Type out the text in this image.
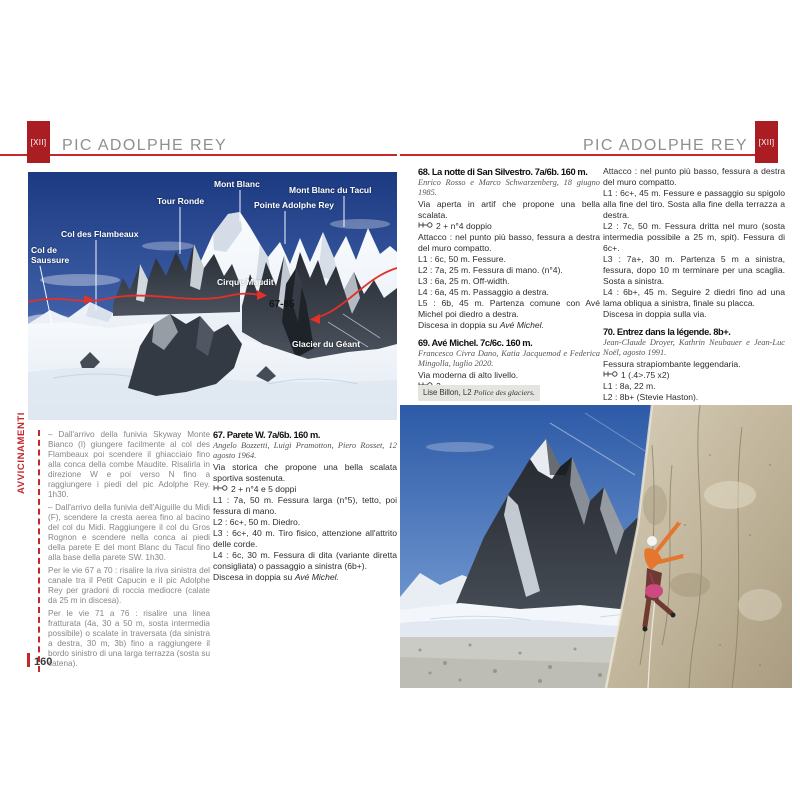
[XII] PIC ADOLPHE REY	PIC ADOLPHE REY	[XII]
Mont Blanc
Mont Blanc du Tacul
Tour Ronde	Pointe Adolphe Rey
Col des Flambeaux
Col de Saussure
Cirque Maudit
67-85
Glacier du Géant
AVVICINAMENTI	– Dall'arrivo della funivia Skyway Monte Bianco (I) giungere facilmente al col des Flambeaux poi scendere il ghiacciaio fino alla conca della combe Maudite. Risalirla in direzione W e poi verso N fino a raggiungere i piedi del pic Adolphe Rey. 1h30.

– Dall'arrivo della funivia dell'Aiguille du Midi (F), scendere la cresta aerea fino al bacino del col du Midi. Raggiungere il col du Gros Rognon e scendere nella conca ai piedi della parete E del mont Blanc du Tacul fino alla base della parete SW. 1h30.

Per le vie 67 a 70 : risalire la riva sinistra del canale tra il Petit Capucin e il pic Adolphe Rey per gradoni di roccia mediocre (calate da 25 m in discesa).

Per le vie 71 a 76 : risalire una linea fratturata (4a, 30 a 50 m, sosta intermedia possibile) o scalate in traversata (da sinistra a destra, 30 m, 3b) fino a raggiungere il bordo sinistro di una larga terrazza (sosta su catena).

160

67. Parete W. 7a/6b. 160 m.

Angelo Bozzetti, Luigi Pramotton, Piero Rosset, 12 agosto 1964.

Via storica che propone una bella scalata sportiva sostenuta.

2 + n°4 e 5 doppi

L1 : 7a, 50 m. Fessura larga (n°5), tetto, poi fessura di mano.

L2 : 6c+, 50 m. Diedro.

L3 : 6c+, 40 m. Tiro fisico, attenzione all'attrito delle corde.

L4 : 6c, 30 m. Fessura di dita (variante diretta consigliata) o passaggio a sinistra (6b+).

Discesa in doppia su Avé Michel.

68. La notte di San Silvestro. 7a/6b. 160 m.

Enrico Rosso e Marco Schwarzenberg, 18 giugno 1985.

Via aperta in artif che propone una bella scalata.

2 + n°4 doppio

Attacco : nel punto più basso, fessura a destra del muro compatto.

L1 : 6c, 50 m. Fessure.

L2 : 7a, 25 m. Fessura di mano. (n°4).

L3 : 6a, 25 m. Off-width.

L4 : 6a, 45 m. Passaggio a destra.

L5 : 6b, 45 m. Partenza comune con Avé Michel poi diedro a destra.

Discesa in doppia su Avé Michel.

69. Avé Michel. 7c/6c. 160 m.

Francesco Civra Dano, Katia Jacquemod e Federica Mingolla, luglio 2020.

Via moderna di alto livello.

Attacco : nel punto più basso, fessura a destra del muro compatto.

L1 : 6c+, 45 m. Fessure e passaggio su spigolo alla fine del tiro. Sosta alla fine della terrazza a destra.

L2 : 7c, 50 m. Fessura dritta nel muro (sosta intermedia possibile a 25 m, spit). Fessura di 6c+.

L3 : 7a+, 30 m. Partenza 5 m a sinistra, fessura, dopo 10 m terminare per una scaglia. Sosta a sinistra.

L4 : 6b+, 45 m. Seguire 2 diedri fino ad una lama obliqua a sinistra, finale su placca.

Discesa in doppia sulla via.

70. Entrez dans la légende. 8b+.

Jean-Claude Droyer, Kathrin Neubauer e Jean-Luc Noël, agosto 1991.

Fessura strapiombante leggendaria.

1 (.4>.75 x2)

L1 : 8a, 22 m.

L2 : 8b+ (Stevie Haston).

Lise Billon, L2 Police des glaciers.
